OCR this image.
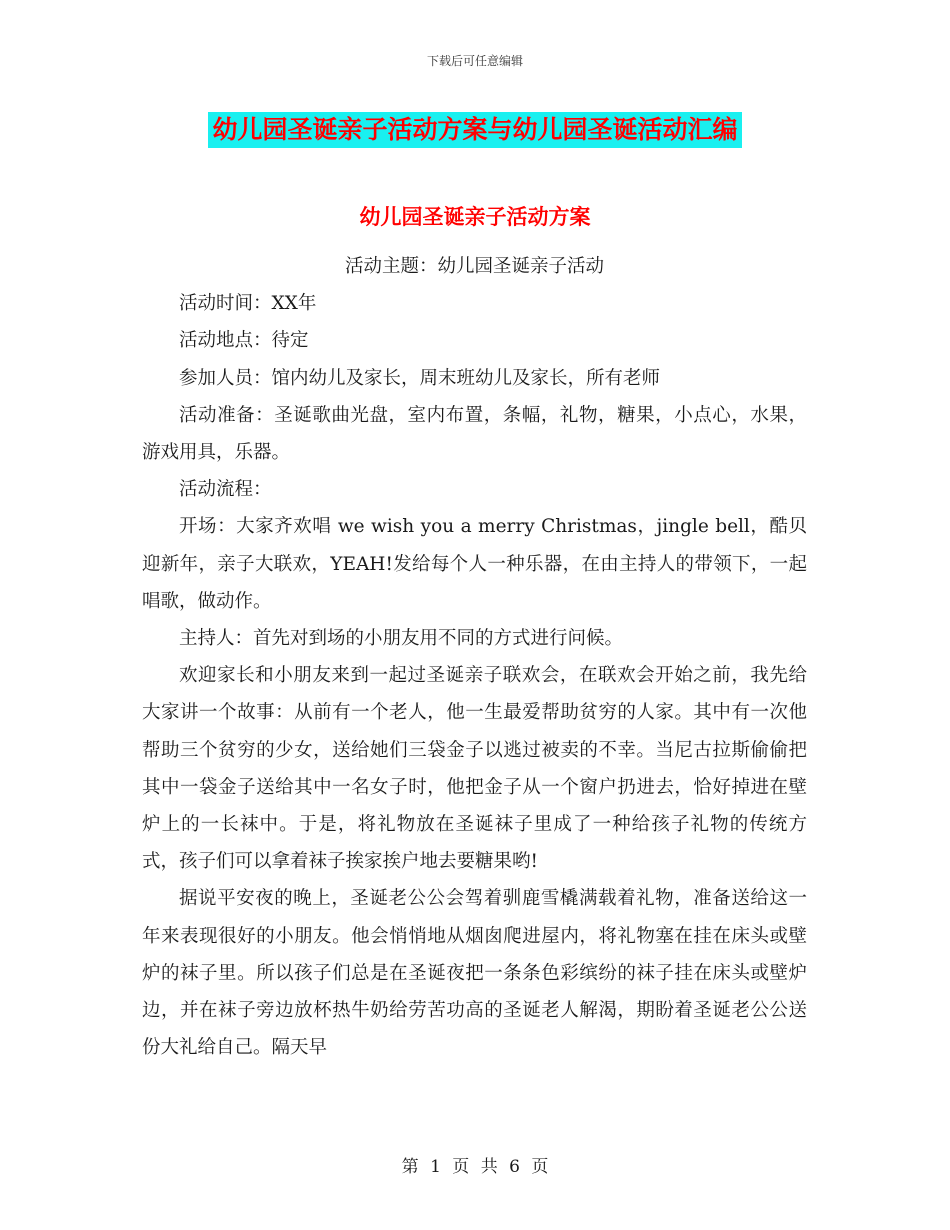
下载后可任意编辑
幼儿园圣诞亲子活动方案与幼儿园圣诞活动汇编
幼儿园圣诞亲子活动方案

活动主题：幼儿园圣诞亲子活动

活动时间：XX年

活动地点：待定

参加人员：馆内幼儿及家长，周末班幼儿及家长，所有老师

活动准备：圣诞歌曲光盘，室内布置，条幅，礼物，糖果，小点心，水果，游戏用具，乐器。

活动流程：

开场：大家齐欢唱 we wish you a merry Christmas，jingle bell，酷贝迎新年，亲子大联欢，YEAH!发给每个人一种乐器，在由主持人的带领下，一起唱歌，做动作。

主持人：首先对到场的小朋友用不同的方式进行问候。

欢迎家长和小朋友来到一起过圣诞亲子联欢会，在联欢会开始之前，我先给大家讲一个故事：从前有一个老人，他一生最爱帮助贫穷的人家。其中有一次他帮助三个贫穷的少女，送给她们三袋金子以逃过被卖的不幸。当尼古拉斯偷偷把其中一袋金子送给其中一名女子时，他把金子从一个窗户扔进去，恰好掉进在壁炉上的一长袜中。于是，将礼物放在圣诞袜子里成了一种给孩子礼物的传统方式，孩子们可以拿着袜子挨家挨户地去要糖果哟!

据说平安夜的晚上，圣诞老公公会驾着驯鹿雪橇满载着礼物，准备送给这一年来表现很好的小朋友。他会悄悄地从烟囱爬进屋内，将礼物塞在挂在床头或壁炉的袜子里。所以孩子们总是在圣诞夜把一条条色彩缤纷的袜子挂在床头或壁炉边，并在袜子旁边放杯热牛奶给劳苦功高的圣诞老人解渴，期盼着圣诞老公公送份大礼给自己。隔天早

第 1 页 共 6 页
